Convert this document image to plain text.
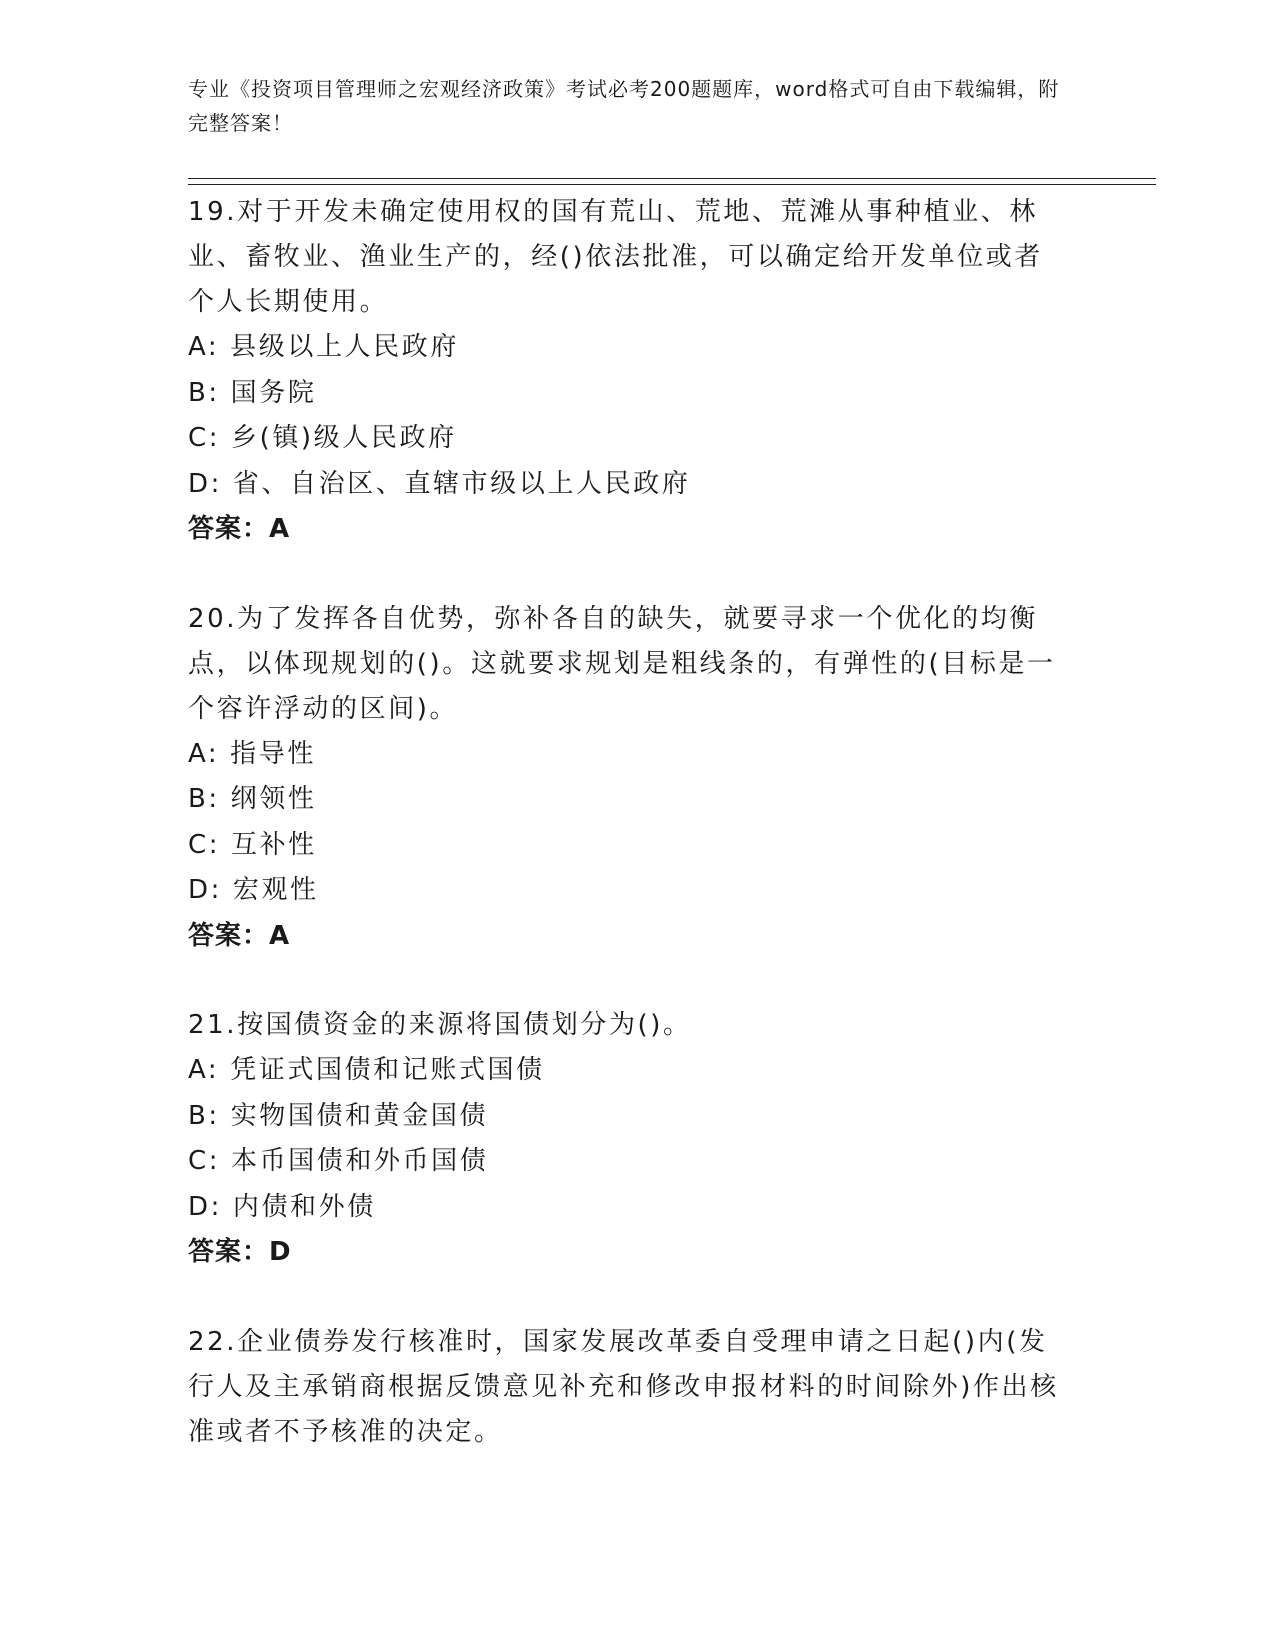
专业《投资项目管理师之宏观经济政策》考试必考200题题库，word格式可自由下载编辑，附完整答案！

19.对于开发未确定使用权的国有荒山、荒地、荒滩从事种植业、林业、畜牧业、渔业生产的，经()依法批准，可以确定给开发单位或者个人长期使用。

A: 县级以上人民政府

B: 国务院

C: 乡(镇)级人民政府

D: 省、自治区、直辖市级以上人民政府

答案：A

20.为了发挥各自优势，弥补各自的缺失，就要寻求一个优化的均衡点，以体现规划的()。这就要求规划是粗线条的，有弹性的(目标是一个容许浮动的区间)。

A: 指导性

B: 纲领性

C: 互补性

D: 宏观性

答案：A

21.按国债资金的来源将国债划分为()。

A: 凭证式国债和记账式国债

B: 实物国债和黄金国债

C: 本币国债和外币国债

D: 内债和外债

答案：D

22.企业债券发行核准时，国家发展改革委自受理申请之日起()内(发行人及主承销商根据反馈意见补充和修改申报材料的时间除外)作出核准或者不予核准的决定。
